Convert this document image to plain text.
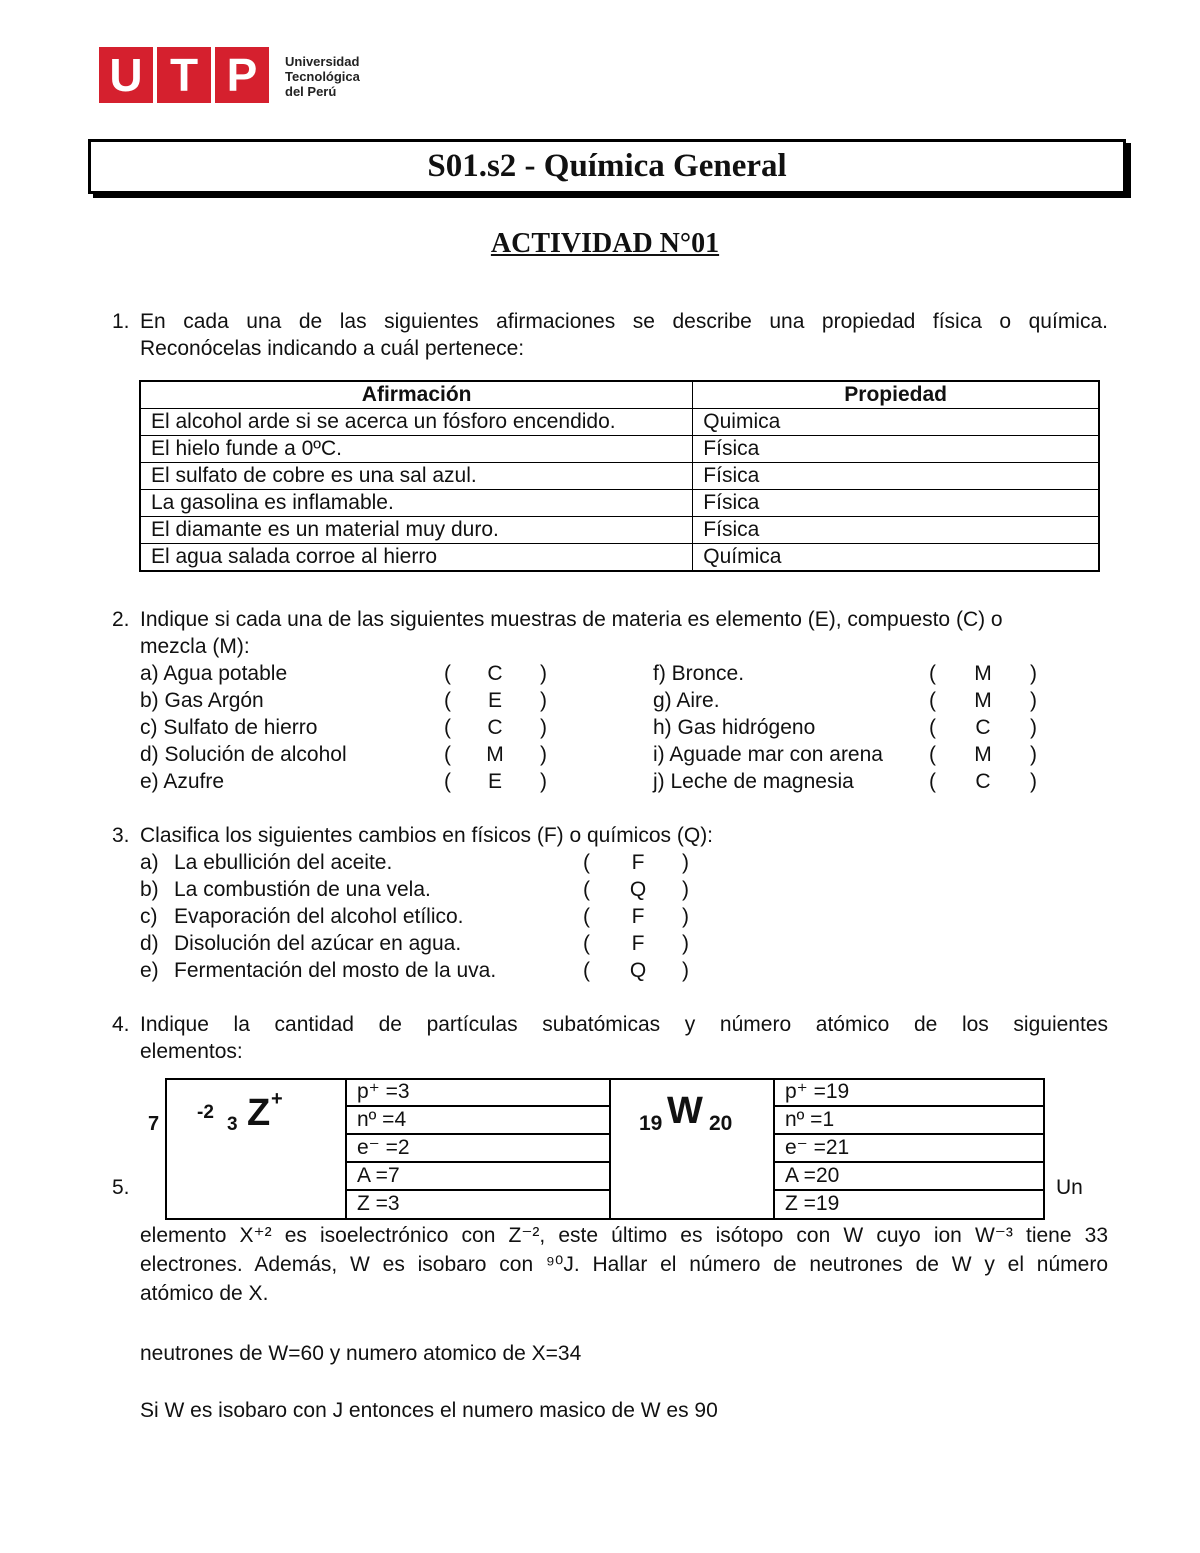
U T P	Universidad
Tecnológica
del Perú
S01.s2 - Química General
ACTIVIDAD N°01
1. En cada una de las siguientes afirmaciones se describe una propiedad física o química.
Reconócelas indicando a cuál pertenece:
Afirmación	Propiedad
El alcohol arde si se acerca un fósforo encendido.	Quimica
El hielo funde a 0ºC.	Física
El sulfato de cobre es una sal azul.	Física
La gasolina es inflamable.	Física
El diamante es un material muy duro.	Física
El agua salada corroe al hierro	Química
2. Indique si cada una de las siguientes muestras de materia es elemento (E), compuesto (C) o
mezcla (M):
a) Agua potable	(	C	)
b) Gas Argón	(	E	)
c) Sulfato de hierro	(	C	)
d) Solución de alcohol	(	M	)
e) Azufre	(	E	)
f) Bronce.	(	M	)
g) Aire.	(	M	)
h) Gas hidrógeno	(	C	)
i) Aguade mar con arena (	M	)
j) Leche de magnesia	(	C	)
3. Clasifica los siguientes cambios en físicos (F) o químicos (Q):
a) La ebullición del aceite.	(	F	)
b) La combustión de una vela.	(	Q	)
c) Evaporación del alcohol etílico.	(	F	)
d) Disolución del azúcar en agua.	(	F	)
e) Fermentación del mosto de la uva.	(	Q	)
4. Indique la cantidad de partículas subatómicas y número atómico de los siguientes
elementos:
7
-2
3 Z +	p⁺ =3
nº =4
e⁻ =2
A =7
Z =3
19 W 20
p⁺ =19
nº =1
e⁻ =21
A =20
Z =19
5.	Un
elemento X⁺² es isoelectrónico con Z⁻², este último es isótopo con W cuyo ion W⁻³ tiene 33
electrones. Además, W es isobaro con ⁹⁰J. Hallar el número de neutrones de W y el número
atómico de X.
neutrones de W=60 y numero atomico de X=34
Si W es isobaro con J entonces el numero masico de W es 90
